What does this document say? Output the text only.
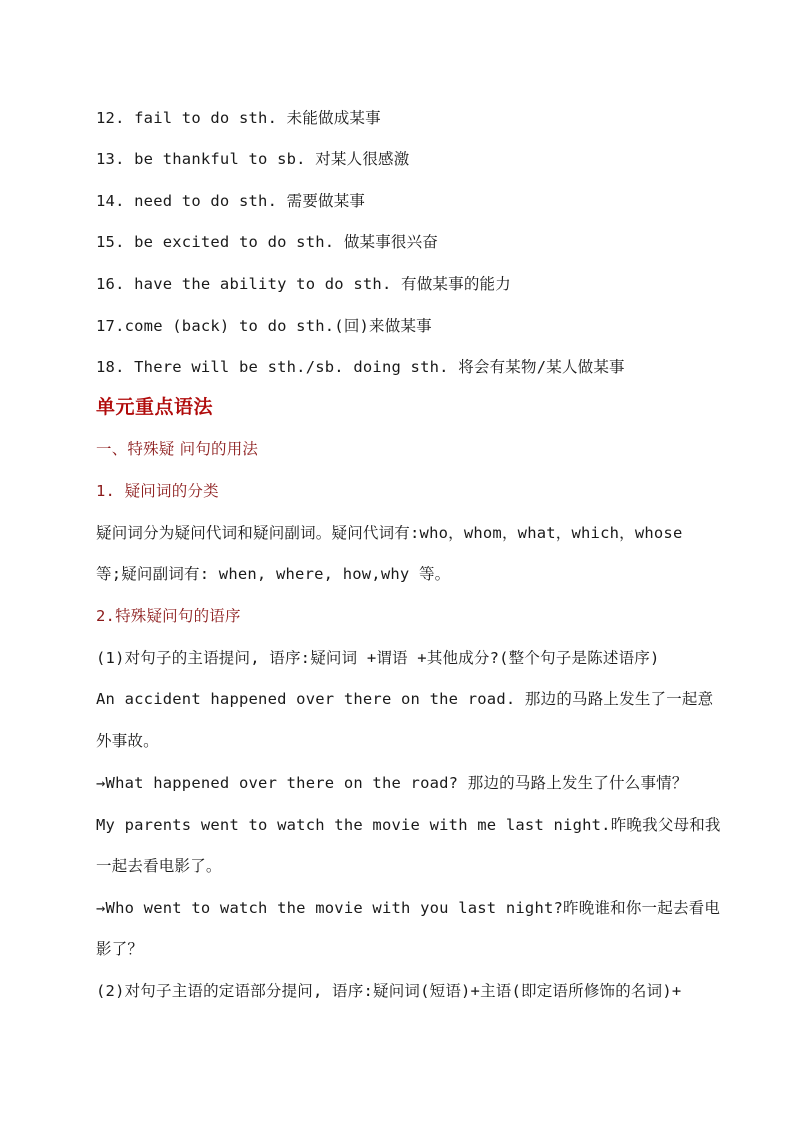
12. fail to do sth. 未能做成某事
13. be thankful to sb. 对某人很感激
14. need to do sth. 需要做某事
15. be excited to do sth. 做某事很兴奋
16. have the ability to do sth. 有做某事的能力
17.come (back) to do sth.(回)来做某事
18. There will be sth./sb. doing sth. 将会有某物/某人做某事
单元重点语法
一、特殊疑 问句的用法
1. 疑问词的分类
疑问词分为疑问代词和疑问副词。疑问代词有:who，whom，what，which，whose
等;疑问副词有: when, where, how,why 等。
2.特殊疑问句的语序
(1)对句子的主语提问, 语序:疑问词 +谓语 +其他成分?(整个句子是陈述语序)
An accident happened over there on the road. 那边的马路上发生了一起意
外事故。
→What happened over there on the road? 那边的马路上发生了什么事情？
My parents went to watch the movie with me last night.昨晚我父母和我
一起去看电影了。
→Who went to watch the movie with you last night?昨晚谁和你一起去看电
影了？
(2)对句子主语的定语部分提问, 语序:疑问词(短语)+主语(即定语所修饰的名词)+
